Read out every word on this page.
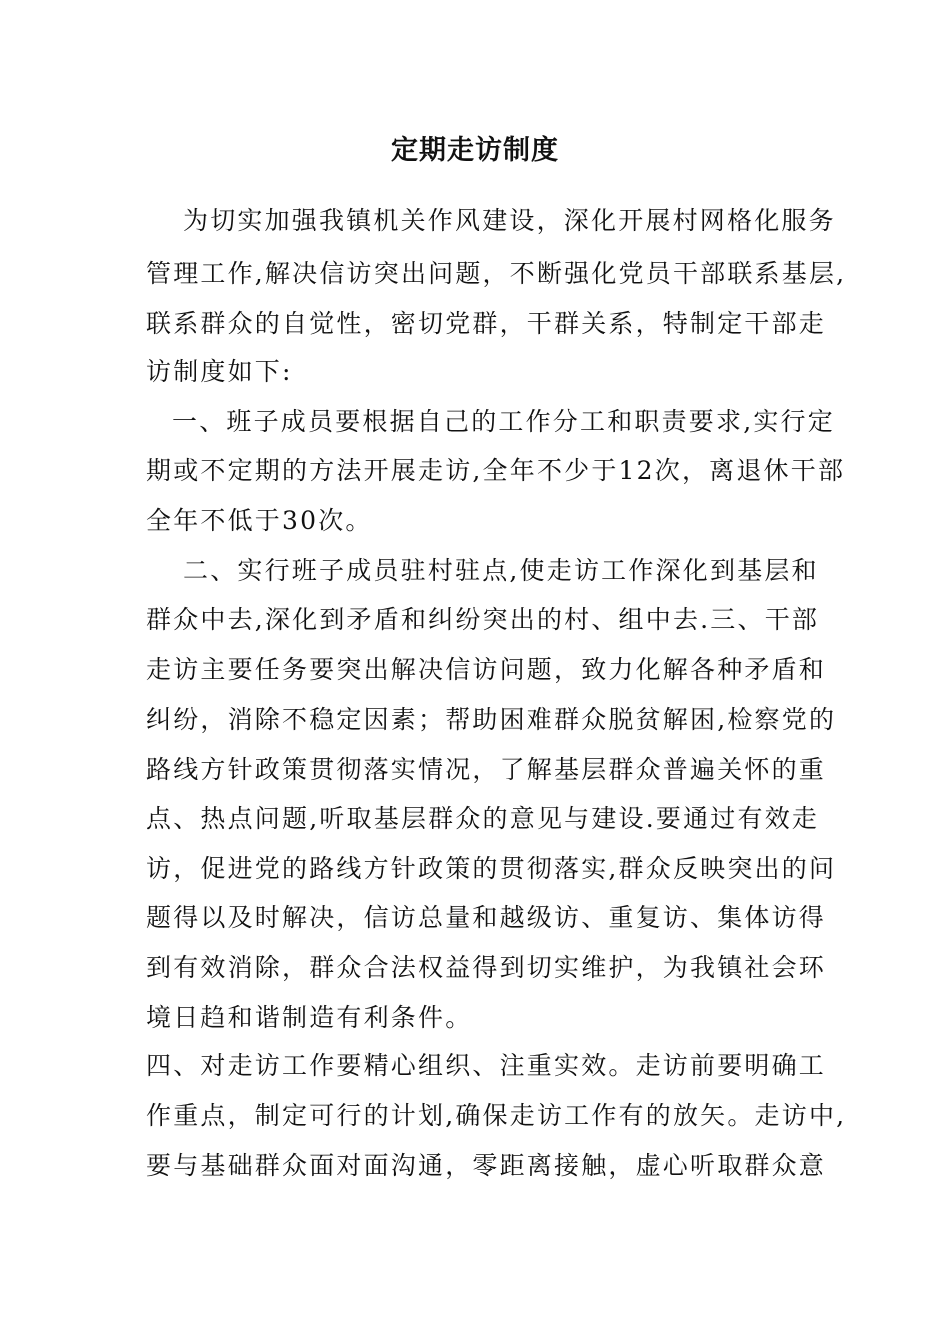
定期走访制度
为切实加强我镇机关作风建设，深化开展村网格化服务
管理工作,解决信访突出问题，不断强化党员干部联系基层,
联系群众的自觉性，密切党群，干群关系，特制定干部走
访制度如下:
一、班子成员要根据自己的工作分工和职责要求,实行定
期或不定期的方法开展走访,全年不少于12次，离退休干部
全年不低于30次。
二、实行班子成员驻村驻点,使走访工作深化到基层和
群众中去,深化到矛盾和纠纷突出的村、组中去.三、干部
走访主要任务要突出解决信访问题，致力化解各种矛盾和
纠纷，消除不稳定因素；帮助困难群众脱贫解困,检察党的
路线方针政策贯彻落实情况，了解基层群众普遍关怀的重
点、热点问题,听取基层群众的意见与建设.要通过有效走
访，促进党的路线方针政策的贯彻落实,群众反映突出的问
题得以及时解决，信访总量和越级访、重复访、集体访得
到有效消除，群众合法权益得到切实维护，为我镇社会环
境日趋和谐制造有利条件。
四、对走访工作要精心组织、注重实效。走访前要明确工
作重点，制定可行的计划,确保走访工作有的放矢。走访中,
要与基础群众面对面沟通，零距离接触，虚心听取群众意
